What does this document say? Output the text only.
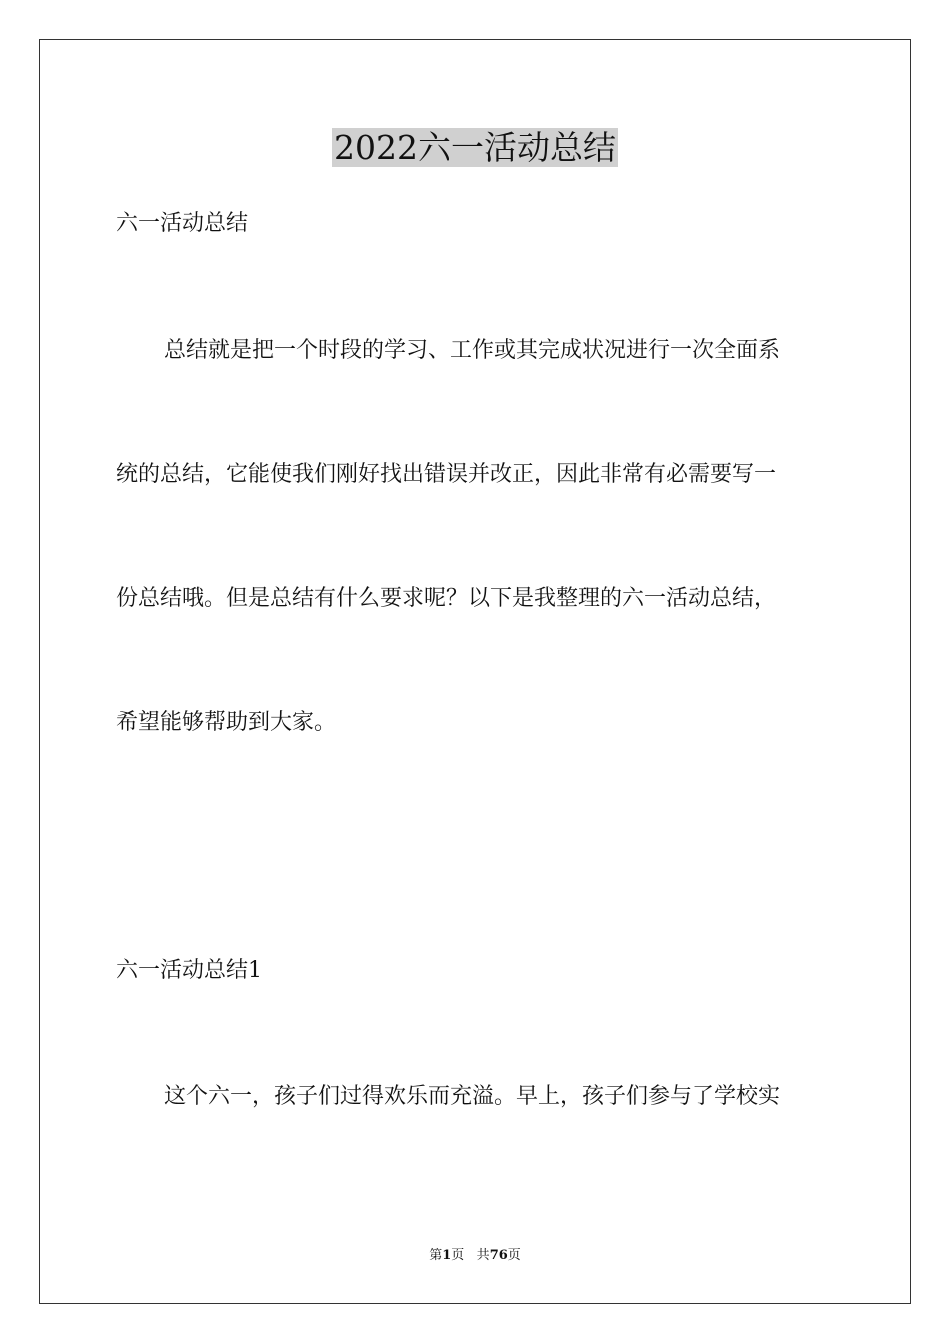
2022六一活动总结

六一活动总结

总结就是把一个时段的学习、工作或其完成状况进行一次全面系

统的总结，它能使我们刚好找出错误并改正，因此非常有必需要写一

份总结哦。但是总结有什么要求呢？以下是我整理的六一活动总结，

希望能够帮助到大家。

六一活动总结1

这个六一，孩子们过得欢乐而充溢。早上，孩子们参与了学校实

第1页 共76页
